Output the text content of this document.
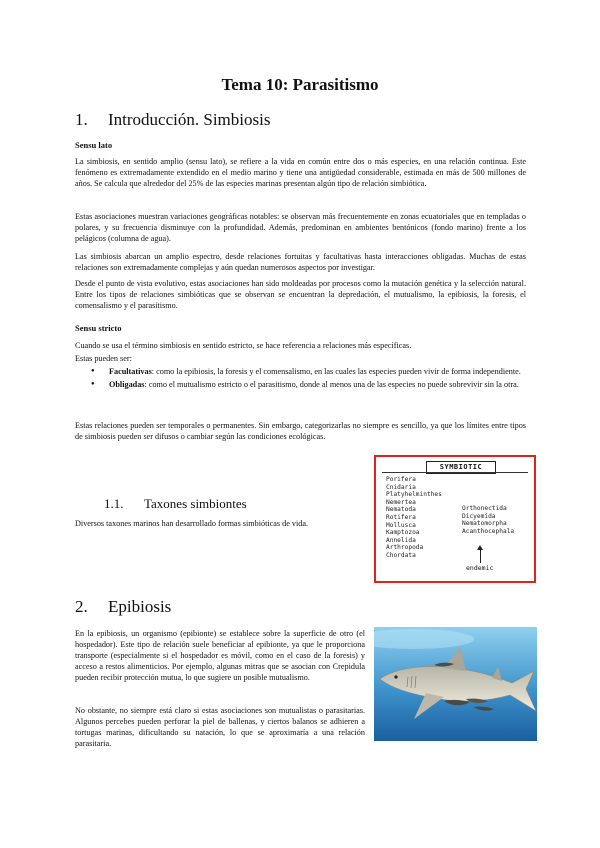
Tema 10: Parasitismo
1. Introducción. Simbiosis
Sensu lato

La simbiosis, en sentido amplio (sensu lato), se refiere a la vida en común entre dos o más especies, en una relación continua. Este fenómeno es extremadamente extendido en el medio marino y tiene una antigüedad considerable, estimada en más de 500 millones de años. Se calcula que alrededor del 25% de las especies marinas presentan algún tipo de relación simbiótica.

Estas asociaciones muestran variaciones geográficas notables: se observan más frecuentemente en zonas ecuatoriales que en templadas o polares, y su frecuencia disminuye con la profundidad. Además, predominan en ambientes bentónicos (fondo marino) frente a los pelágicos (columna de agua).

Las simbiosis abarcan un amplio espectro, desde relaciones fortuitas y facultativas hasta interacciones obligadas. Muchas de estas relaciones son extremadamente complejas y aún quedan numerosos aspectos por investigar.

Desde el punto de vista evolutivo, estas asociaciones han sido moldeadas por procesos como la mutación genética y la selección natural. Entre los tipos de relaciones simbióticas que se observan se encuentran la depredación, el mutualismo, la epibiosis, la foresis, el comensalismo y el parasitismo.

Sensu stricto

Cuando se usa el término simbiosis en sentido estricto, se hace referencia a relaciones más específicas.

Estas pueden ser:

● Facultativas: como la epibiosis, la foresis y el comensalismo, en las cuales las especies pueden vivir de forma independiente.
● Obligadas: como el mutualismo estricto o el parasitismo, donde al menos una de las especies no puede sobrevivir sin la otra.

Estas relaciones pueden ser temporales o permanentes. Sin embargo, categorizarlas no siempre es sencillo, ya que los límites entre tipos de simbiosis pueden ser difusos o cambiar según las condiciones ecológicas.

1.1. Taxones simbiontes

Diversos taxones marinos han desarrollado formas simbióticas de vida.

SYMBIOTIC
Porifera
Cnidaria
Platyhelminthes
Nemertea
Nematoda
Rotifera
Mollusca
Kamptozoa
Annelida
Arthropoda
Chordata
Orthonectida
Dicyemida
Nematomorpha
Acanthocephala
endemic
2. Epibiosis

En la epibiosis, un organismo (epibionte) se establece sobre la superficie de otro (el hospedador). Este tipo de relación suele beneficiar al epibionte, ya que le proporciona transporte (especialmente si el hospedador es móvil, como en el caso de la foresis) y acceso a restos alimenticios. Por ejemplo, algunas mitras que se asocian con Crepidula pueden recibir protección mutua, lo que sugiere un posible mutualismo.

No obstante, no siempre está claro si estas asociaciones son mutualistas o parasitarias. Algunos percebes pueden perforar la piel de ballenas, y ciertos balanos se adhieren a tortugas marinas, dificultando su natación, lo que se aproximaría a una relación parasitaria.
